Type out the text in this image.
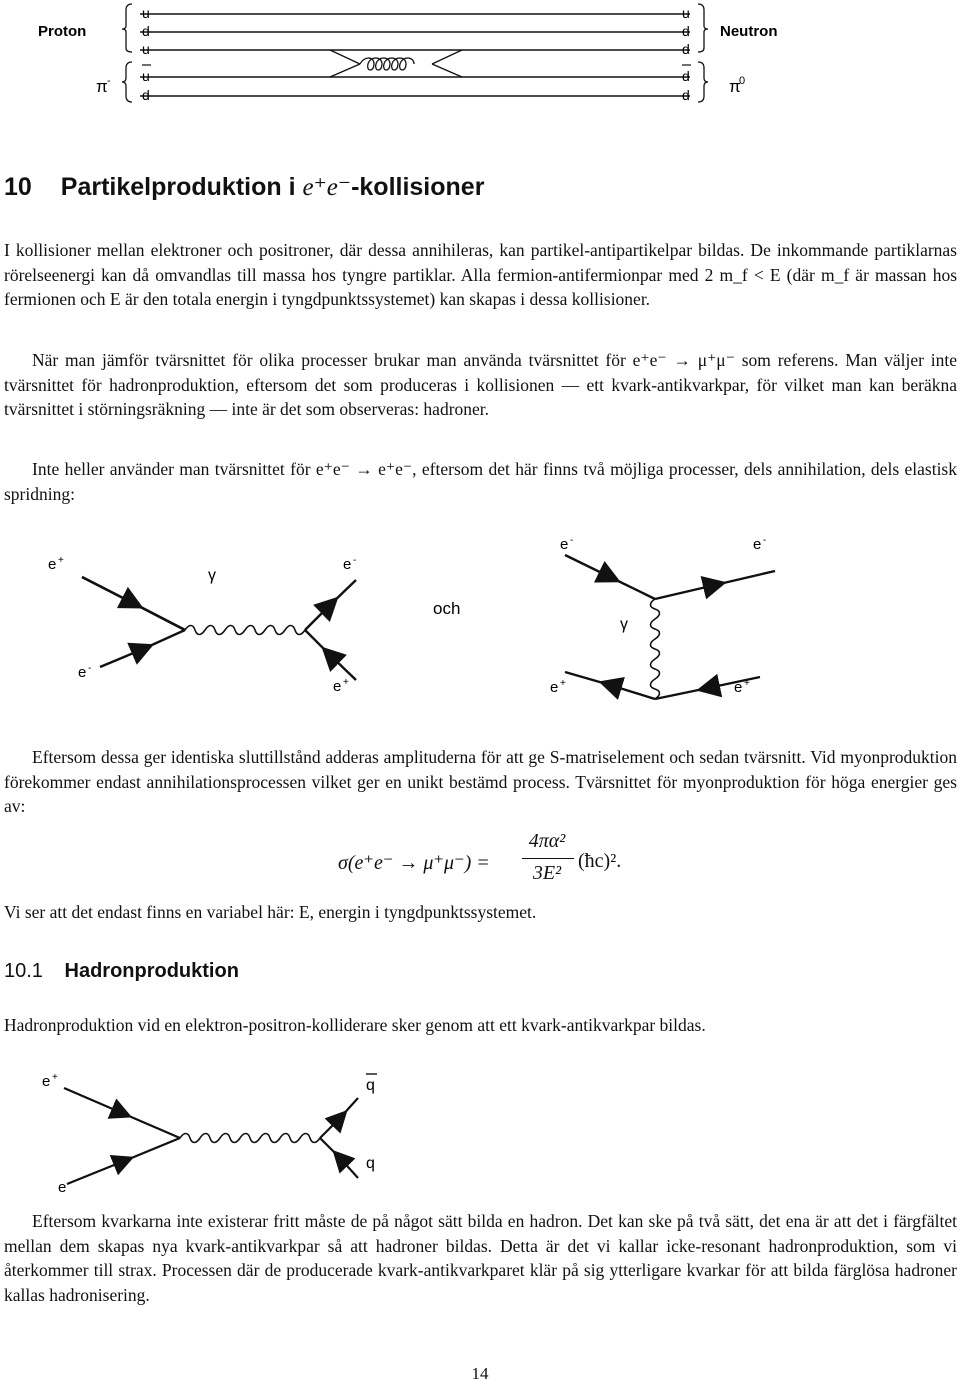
Proton	Neutron
π -	π
0
u
d
u
u
d
u
d
d
d
d
10 Partikelproduktion i e⁺e⁻-kollisioner
I kollisioner mellan elektroner och positroner, där dessa annihileras, kan partikel-antipartikelpar bildas. De inkommande partiklarnas rörelseenergi kan då omvandlas till massa hos tyngre partiklar. Alla fermion-antifermionpar med 2 m_f < E (där m_f är massan hos fermionen och E är den totala energin i tyngdpunktssystemet) kan skapas i dessa kollisioner.
När man jämför tvärsnittet för olika processer brukar man använda tvärsnittet för e⁺e⁻ → μ⁺μ⁻ som referens. Man väljer inte tvärsnittet för hadronproduktion, eftersom det som produceras i kollisionen — ett kvark-antikvarkpar, för vilket man kan beräkna tvärsnittet i störningsräkning — inte är det som observeras: hadroner.
Inte heller använder man tvärsnittet för e⁺e⁻ → e⁺e⁻, eftersom det här finns två möjliga processer, dels annihilation, dels elastisk spridning:
e +
e -
γ
e -
e +
och
e -	e -
γ
e +	e +
Eftersom dessa ger identiska sluttillstånd adderas amplituderna för att ge S-matriselement och sedan tvärsnitt. Vid myonproduktion förekommer endast annihilationsprocessen vilket ger en unikt bestämd process. Tvärsnittet för myonproduktion för höga energier ges av:
σ(e⁺e⁻ → μ⁺μ⁻) =
4πα²
3E²
(ħc)².
Vi ser att det endast finns en variabel här: E, energin i tyngdpunktssystemet.
10.1 Hadronproduktion
Hadronproduktion vid en elektron-positron-kolliderare sker genom att ett kvark-antikvarkpar bildas.
e +
e -
q
q
Eftersom kvarkarna inte existerar fritt måste de på något sätt bilda en hadron. Det kan ske på två sätt, det ena är att det i färgfältet mellan dem skapas nya kvark-antikvarkpar så att hadroner bildas. Detta är det vi kallar icke-resonant hadronproduktion, som vi återkommer till strax. Processen där de producerade kvark-antikvarkparet klär på sig ytterligare kvarkar för att bilda färglösa hadroner kallas hadronisering.
14
